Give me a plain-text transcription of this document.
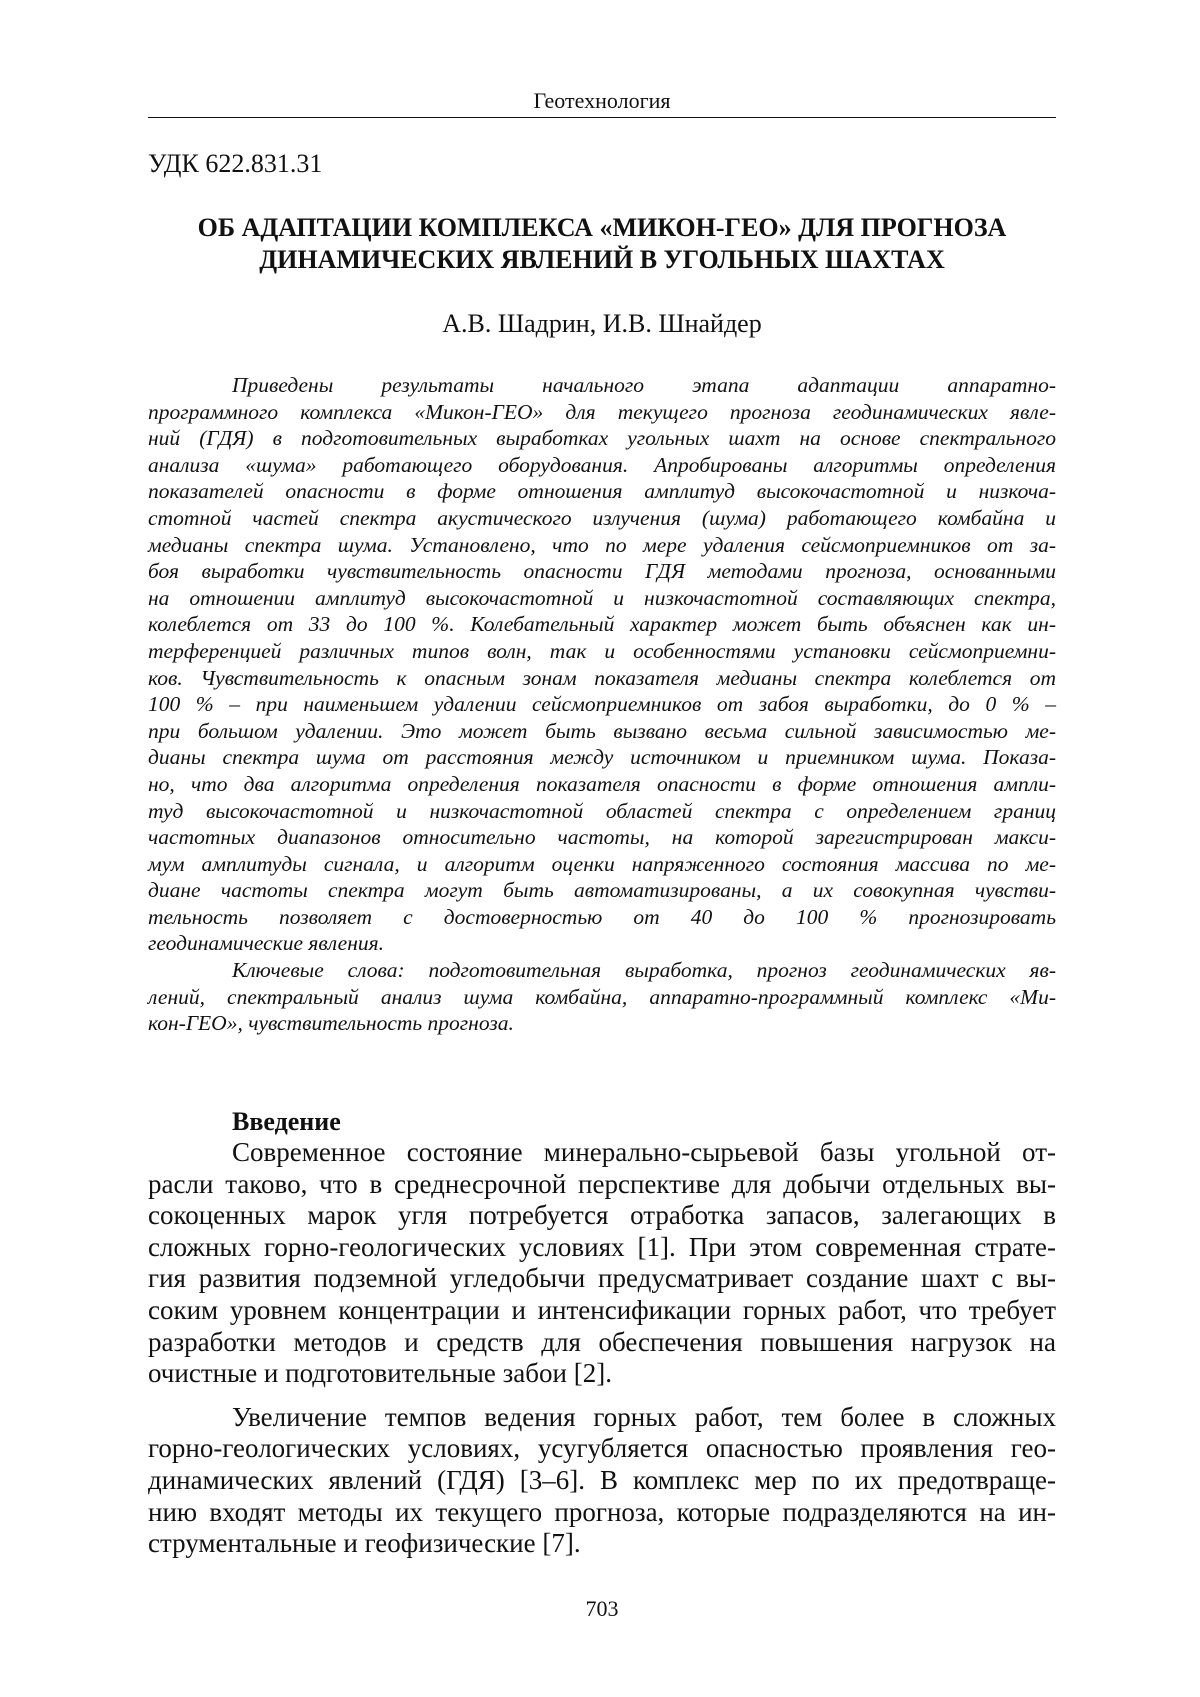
Геотехнология
УДК 622.831.31
ОБ АДАПТАЦИИ КОМПЛЕКСА «МИКОН-ГЕО» ДЛЯ ПРОГНОЗА
ДИНАМИЧЕСКИХ ЯВЛЕНИЙ В УГОЛЬНЫХ ШАХТАХ
А.В. Шадрин, И.В. Шнайдер
Приведены результаты начального этапа адаптации аппаратно-
программного комплекса «Микон-ГЕО» для текущего прогноза геодинамических явле-
ний (ГДЯ) в подготовительных выработках угольных шахт на основе спектрального
анализа «шума» работающего оборудования. Апробированы алгоритмы определения
показателей опасности в форме отношения амплитуд высокочастотной и низкоча-
стотной частей спектра акустического излучения (шума) работающего комбайна и
медианы спектра шума. Установлено, что по мере удаления сейсмоприемников от за-
боя выработки чувствительность опасности ГДЯ методами прогноза, основанными
на отношении амплитуд высокочастотной и низкочастотной составляющих спектра,
колеблется от 33 до 100 %. Колебательный характер может быть объяснен как ин-
терференцией различных типов волн, так и особенностями установки сейсмоприемни-
ков. Чувствительность к опасным зонам показателя медианы спектра колеблется от
100 % – при наименьшем удалении сейсмоприемников от забоя выработки, до 0 % –
при большом удалении. Это может быть вызвано весьма сильной зависимостью ме-
дианы спектра шума от расстояния между источником и приемником шума. Показа-
но, что два алгоритма определения показателя опасности в форме отношения ампли-
туд высокочастотной и низкочастотной областей спектра с определением границ
частотных диапазонов относительно частоты, на которой зарегистрирован макси-
мум амплитуды сигнала, и алгоритм оценки напряженного состояния массива по ме-
диане частоты спектра могут быть автоматизированы, а их совокупная чувстви-
тельность позволяет с достоверностью от 40 до 100 % прогнозировать
геодинамические явления.
Ключевые слова: подготовительная выработка, прогноз геодинамических яв-
лений, спектральный анализ шума комбайна, аппаратно-программный комплекс «Ми-
кон-ГЕО», чувствительность прогноза.
Введение
Современное состояние минерально-сырьевой базы угольной от-
расли таково, что в среднесрочной перспективе для добычи отдельных вы-
сокоценных марок угля потребуется отработка запасов, залегающих в
сложных горно-геологических условиях [1]. При этом современная страте-
гия развития подземной угледобычи предусматривает создание шахт с вы-
соким уровнем концентрации и интенсификации горных работ, что требует
разработки методов и средств для обеспечения повышения нагрузок на
очистные и подготовительные забои [2].
Увеличение темпов ведения горных работ, тем более в сложных
горно-геологических условиях, усугубляется опасностью проявления гео-
динамических явлений (ГДЯ) [3–6]. В комплекс мер по их предотвраще-
нию входят методы их текущего прогноза, которые подразделяются на ин-
струментальные и геофизические [7].
703
